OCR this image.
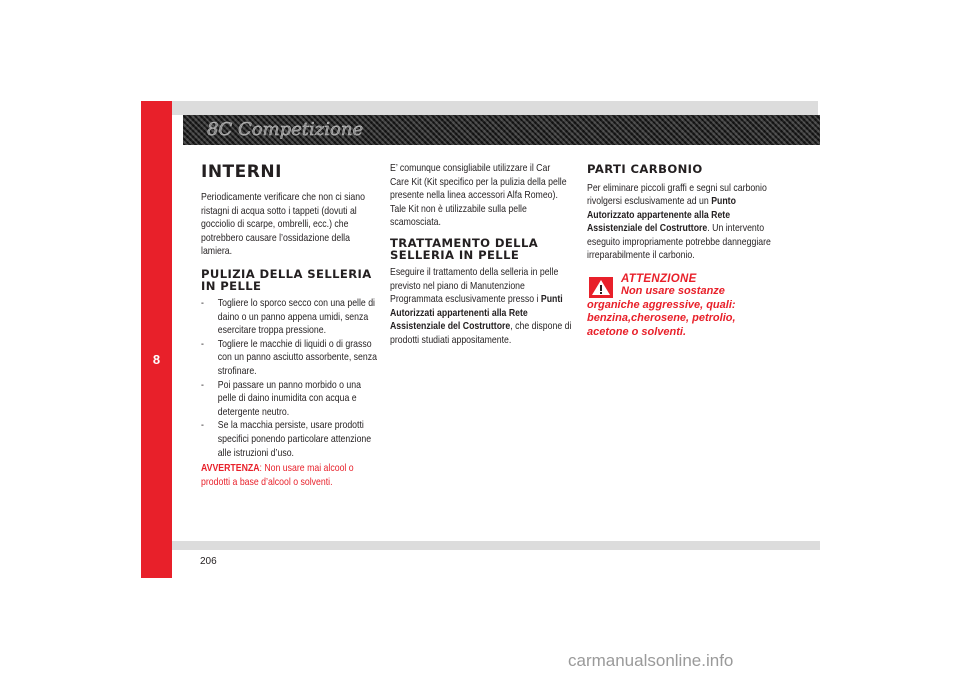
8
8C Competizione
INTERNI
Periodicamente verificare che non ci siano ristagni di acqua sotto i tappeti (dovuti al gocciolio di scarpe, ombrelli, ecc.) che potrebbero causare l’ossidazione della lamiera.
PULIZIA DELLA SELLERIA IN PELLE
- Togliere lo sporco secco con una pelle di daino o un panno appena umidi, senza esercitare troppa pressione.
- Togliere le macchie di liquidi o di grasso con un panno asciutto assorbente, senza strofinare.
- Poi passare un panno morbido o una pelle di daino inumidita con acqua e detergente neutro.
- Se la macchia persiste, usare prodotti specifici ponendo particolare attenzione alle istruzioni d’uso.
AVVERTENZA: Non usare mai alcool o prodotti a base d’alcool o solventi.
E’ comunque consigliabile utilizzare il Car Care Kit (Kit specifico per la pulizia della pelle presente nella linea accessori Alfa Romeo). Tale Kit non è utilizzabile sulla pelle scamosciata.
TRATTAMENTO DELLA SELLERIA IN PELLE
Eseguire il trattamento della selleria in pelle previsto nel piano di Manutenzione Programmata esclusivamente presso i Punti Autorizzati appartenenti alla Rete Assistenziale del Costruttore, che dispone di prodotti studiati appositamente.
PARTI CARBONIO
Per eliminare piccoli graffi e segni sul carbonio rivolgersi esclusivamente ad un Punto Autorizzato appartenente alla Rete Assistenziale del Costruttore. Un intervento eseguito impropriamente potrebbe danneggiare irreparabilmente il carbonio.
ATTENZIONE

Non usare sostanze organiche aggressive, quali: benzina,cherosene, petrolio, acetone o solventi.

206
carmanualsonline.info
